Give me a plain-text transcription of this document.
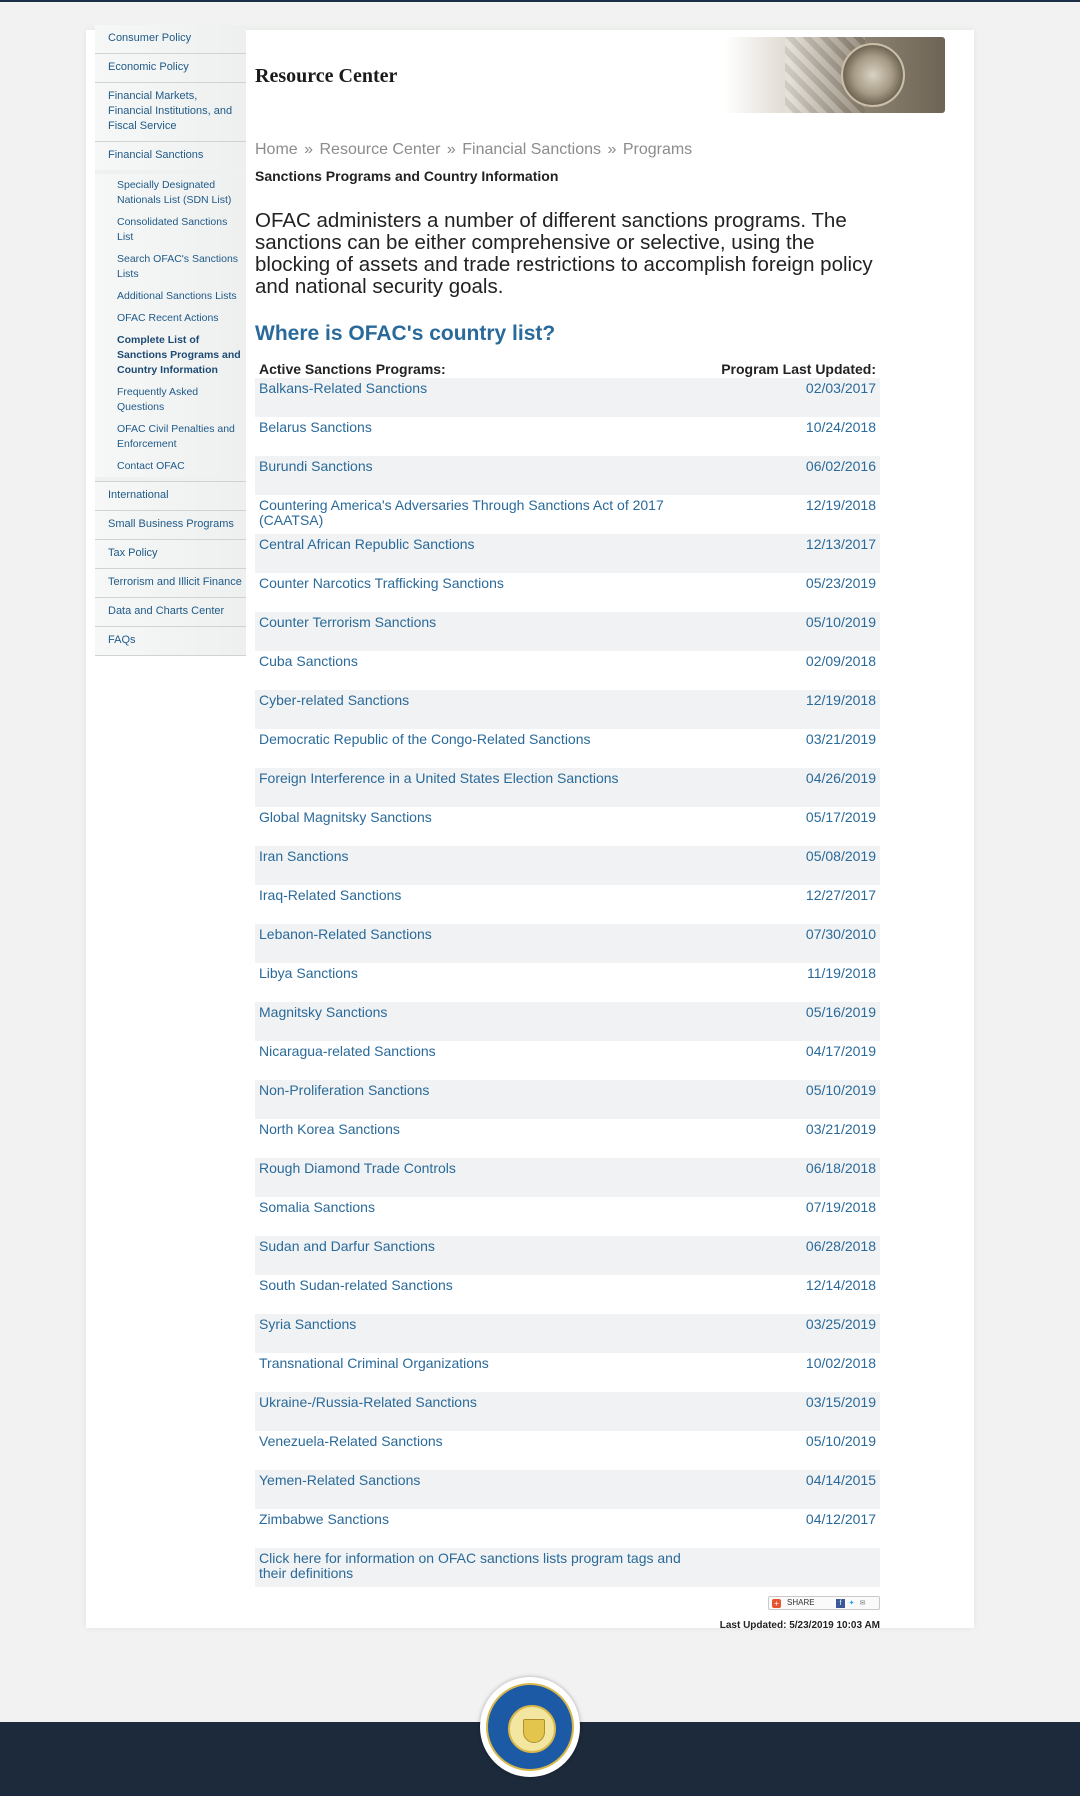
Consumer Policy
Economic Policy
Financial Markets, Financial Institutions, and Fiscal Service
Financial Sanctions
Specially Designated Nationals List (SDN List)
Consolidated Sanctions List
Search OFAC's Sanctions Lists
Additional Sanctions Lists
OFAC Recent Actions
Complete List of Sanctions Programs and Country Information
Frequently Asked Questions
OFAC Civil Penalties and Enforcement
Contact OFAC
International
Small Business Programs
Tax Policy
Terrorism and Illicit Finance
Data and Charts Center
FAQs
Resource Center
Home » Resource Center » Financial Sanctions » Programs
Sanctions Programs and Country Information

OFAC administers a number of different sanctions programs. The sanctions can be either comprehensive or selective, using the blocking of assets and trade restrictions to accomplish foreign policy and national security goals.

Where is OFAC's country list?
Active Sanctions Programs:	Program Last Updated:
Balkans-Related Sanctions	02/03/2017
Belarus Sanctions	10/24/2018
Burundi Sanctions	06/02/2016
Countering America's Adversaries Through Sanctions Act of 2017 (CAATSA)	12/19/2018
Central African Republic Sanctions	12/13/2017
Counter Narcotics Trafficking Sanctions	05/23/2019
Counter Terrorism Sanctions	05/10/2019
Cuba Sanctions	02/09/2018
Cyber-related Sanctions	12/19/2018
Democratic Republic of the Congo-Related Sanctions	03/21/2019
Foreign Interference in a United States Election Sanctions	04/26/2019
Global Magnitsky Sanctions	05/17/2019
Iran Sanctions	05/08/2019
Iraq-Related Sanctions	12/27/2017
Lebanon-Related Sanctions	07/30/2010
Libya Sanctions	11/19/2018
Magnitsky Sanctions	05/16/2019
Nicaragua-related Sanctions	04/17/2019
Non-Proliferation Sanctions	05/10/2019
North Korea Sanctions	03/21/2019
Rough Diamond Trade Controls	06/18/2018
Somalia Sanctions	07/19/2018
Sudan and Darfur Sanctions	06/28/2018
South Sudan-related Sanctions	12/14/2018
Syria Sanctions	03/25/2019
Transnational Criminal Organizations	10/02/2018
Ukraine-/Russia-Related Sanctions	03/15/2019
Venezuela-Related Sanctions	05/10/2019
Yemen-Related Sanctions	04/14/2015
Zimbabwe Sanctions	04/12/2017
Click here for information on OFAC sanctions lists program tags and their definitions	
+ SHARE	f	✦ ✉
Last Updated: 5/23/2019 10:03 AM
